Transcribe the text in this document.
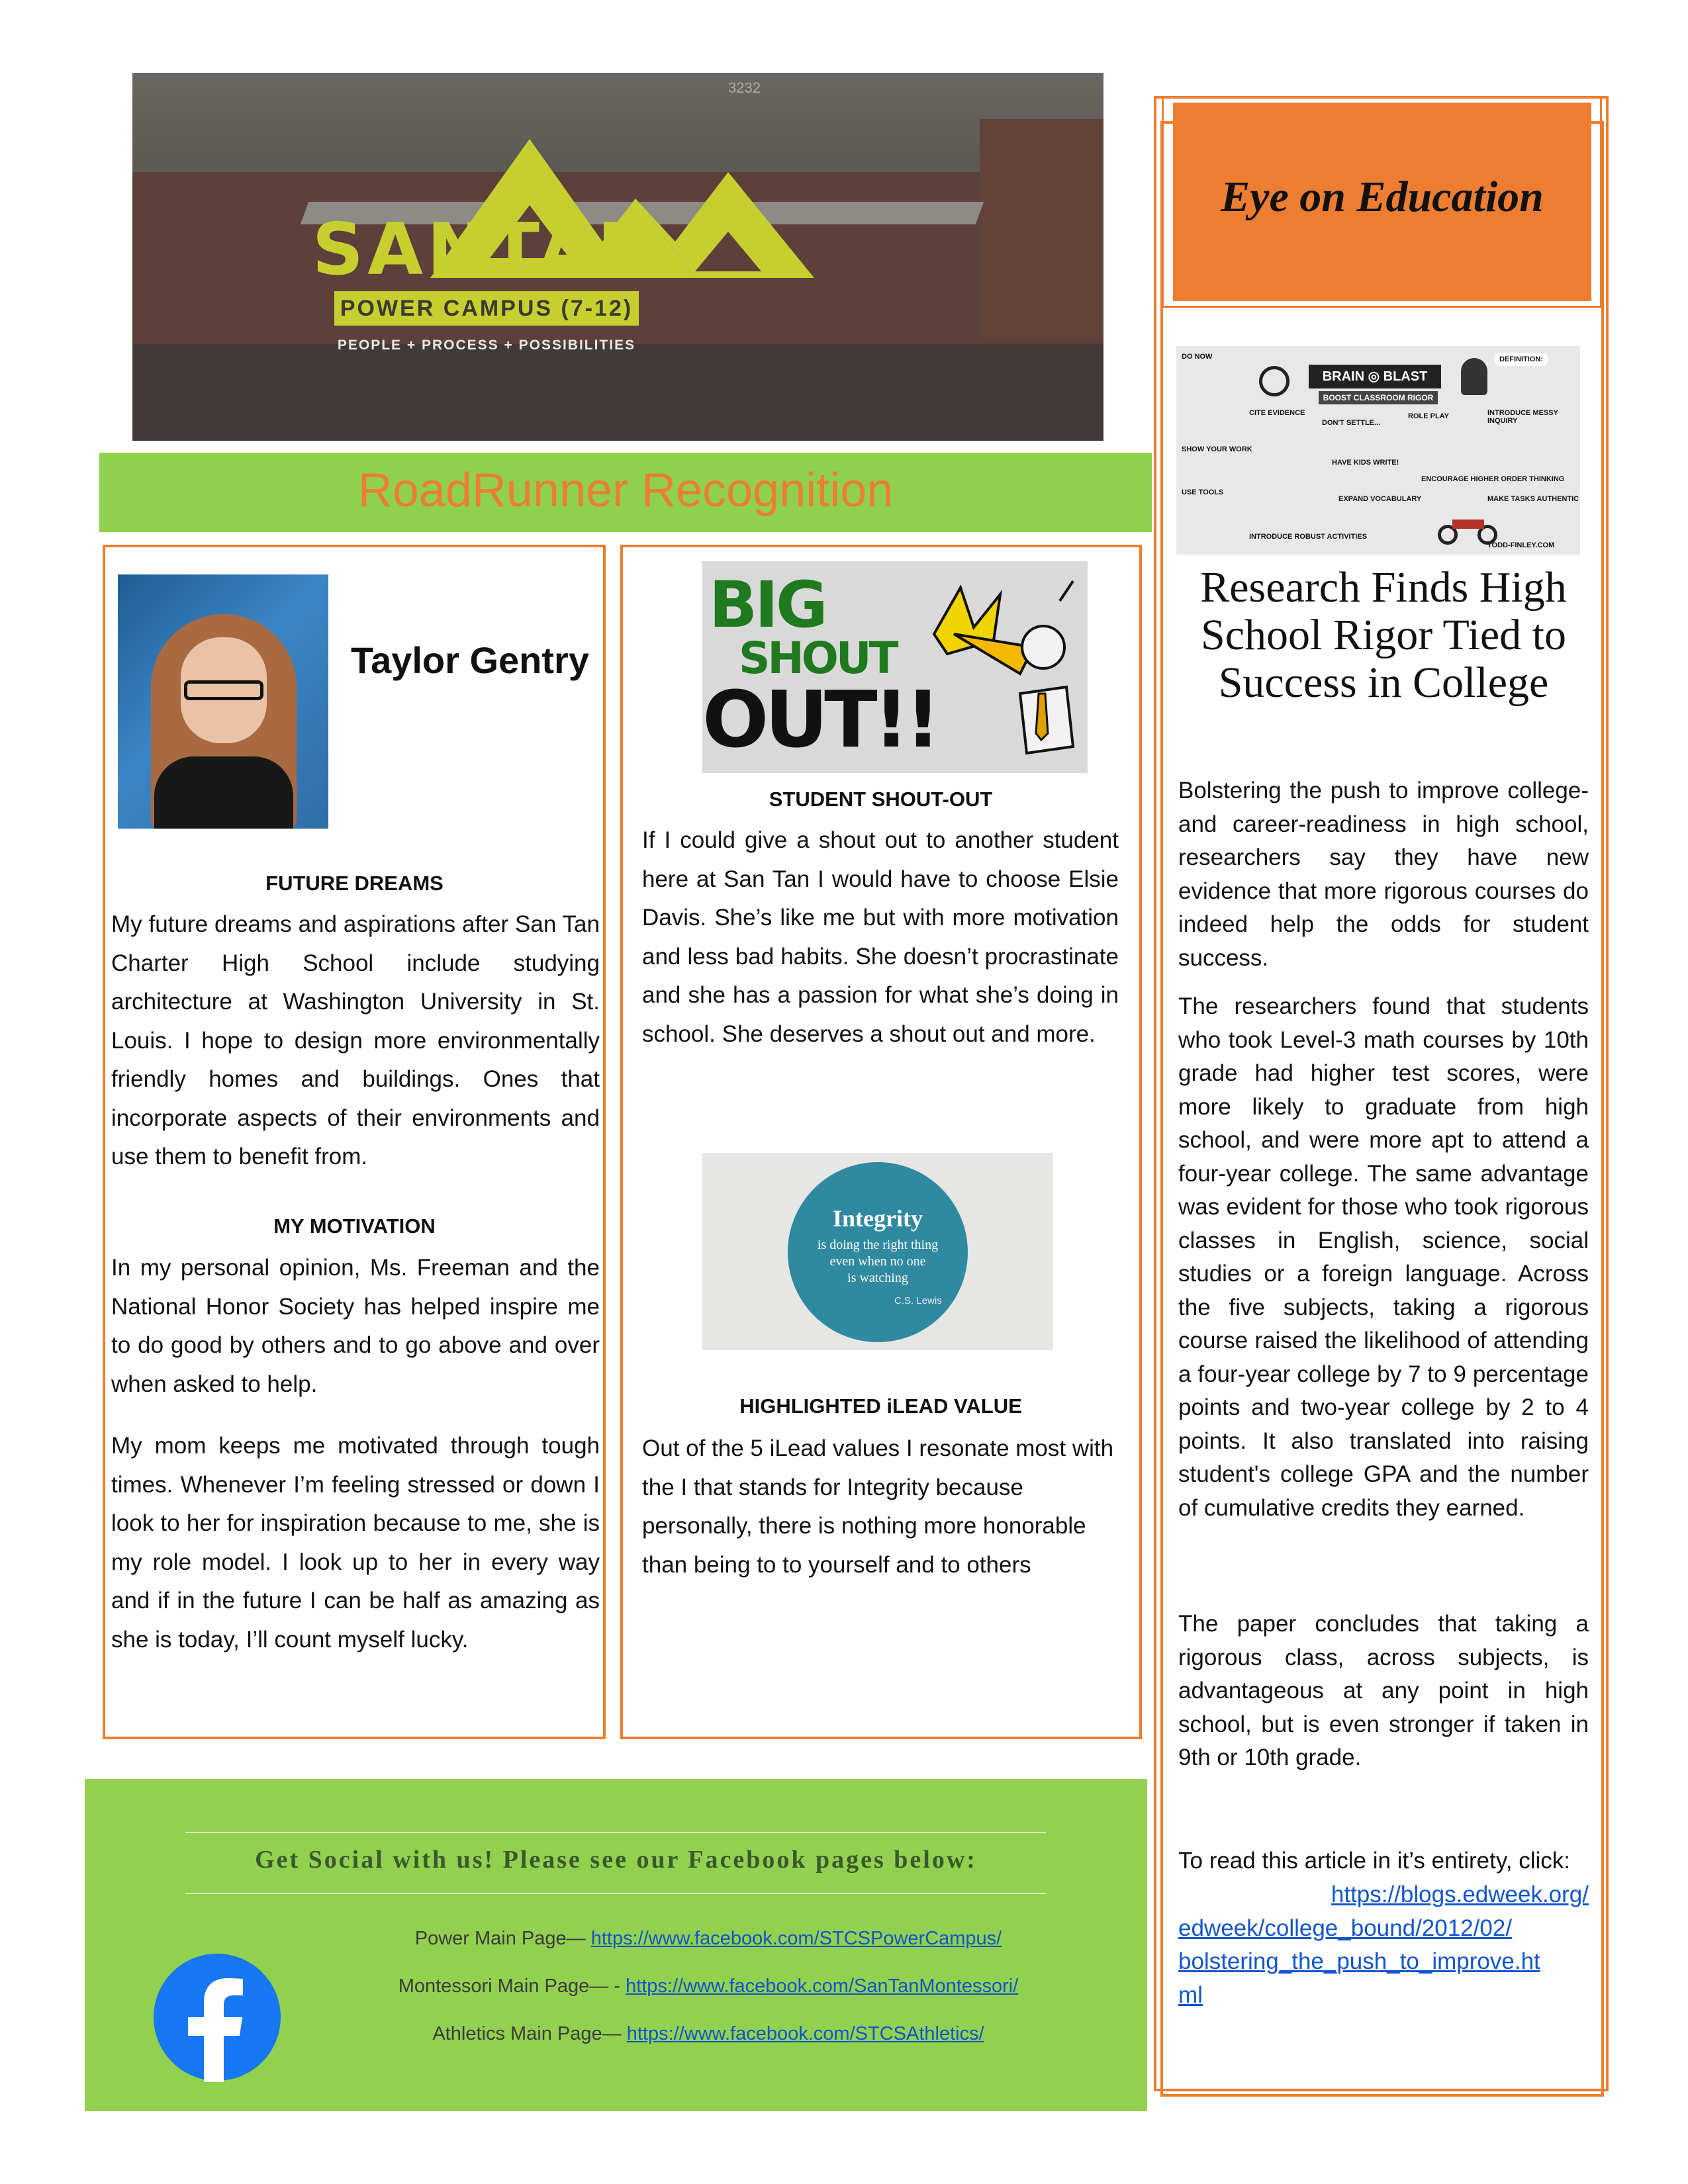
3232
SANTAN
POWER CAMPUS (7-12)
PEOPLE + PROCESS + POSSIBILITIES
RoadRunner Recognition
Taylor Gentry
FUTURE DREAMS
My future dreams and aspirations after San Tan Charter High School include studying architecture at Washington University in St. Louis. I hope to design more environmentally friendly homes and buildings. Ones that incorporate aspects of their environments and use them to benefit from.
MY MOTIVATION
In my personal opinion, Ms. Freeman and the National Honor Society has helped inspire me to do good by others and to go above and over when asked to help.
My mom keeps me motivated through tough times. Whenever I’m feeling stressed or down I look to her for inspiration because to me, she is my role model. I look up to her in every way and if in the future I can be half as amazing as she is today, I’ll count myself lucky.
BIG
SHOUT
OUT!!
STUDENT SHOUT-OUT
If I could give a shout out to another student here at San Tan I would have to choose Elsie Davis. She’s like me but with more motivation and less bad habits. She doesn’t procrastinate and she has a passion for what she’s doing in school. She deserves a shout out and more.
Integrity
is doing the right thing
even when no one
is watching
C.S. Lewis
HIGHLIGHTED iLEAD VALUE
Out of the 5 iLead values I resonate most with the I that stands for Integrity because personally, there is nothing more honorable than being to to yourself and to others
Eye on Education
BRAIN ◎ BLAST
BOOST CLASSROOM RIGOR
DO NOW
SHOW YOUR WORK
USE TOOLS
CITE EVIDENCE
DON'T SETTLE...
HAVE KIDS WRITE!
EXPAND VOCABULARY
INTRODUCE ROBUST ACTIVITIES
ROLE PLAY	INTRODUCE MESSY INQUIRY
ENCOURAGE HIGHER ORDER THINKING
MAKE TASKS AUTHENTIC
DEFINITION:
TODD-FINLEY.COM
Research Finds High School Rigor Tied to Success in College
Bolstering the push to improve college- and career-readiness in high school, researchers say they have new evidence that more rigorous courses do indeed help the odds for student success.
The researchers found that students who took Level-3 math courses by 10th grade had higher test scores, were more likely to graduate from high school, and were more apt to attend a four-year college. The same advantage was evident for those who took rigorous classes in English, science, social studies or a foreign language. Across the five subjects, taking a rigorous course raised the likelihood of attending a four-year college by 7 to 9 percentage points and two-year college by 2 to 4 points. It also translated into raising student's college GPA and the number of cumulative credits they earned.
The paper concludes that taking a rigorous class, across subjects, is advantageous at any point in high school, but is even stronger if taken in 9th or 10th grade.
To read this article in it’s entirety, click:
https://blogs.edweek.org/
edweek/college_bound/2012/02/
bolstering_the_push_to_improve.ht
ml
Get Social with us! Please see our Facebook pages below:
Power Main Page— https://www.facebook.com/STCSPowerCampus/
Montessori Main Page— - https://www.facebook.com/SanTanMontessori/
Athletics Main Page— https://www.facebook.com/STCSAthletics/
